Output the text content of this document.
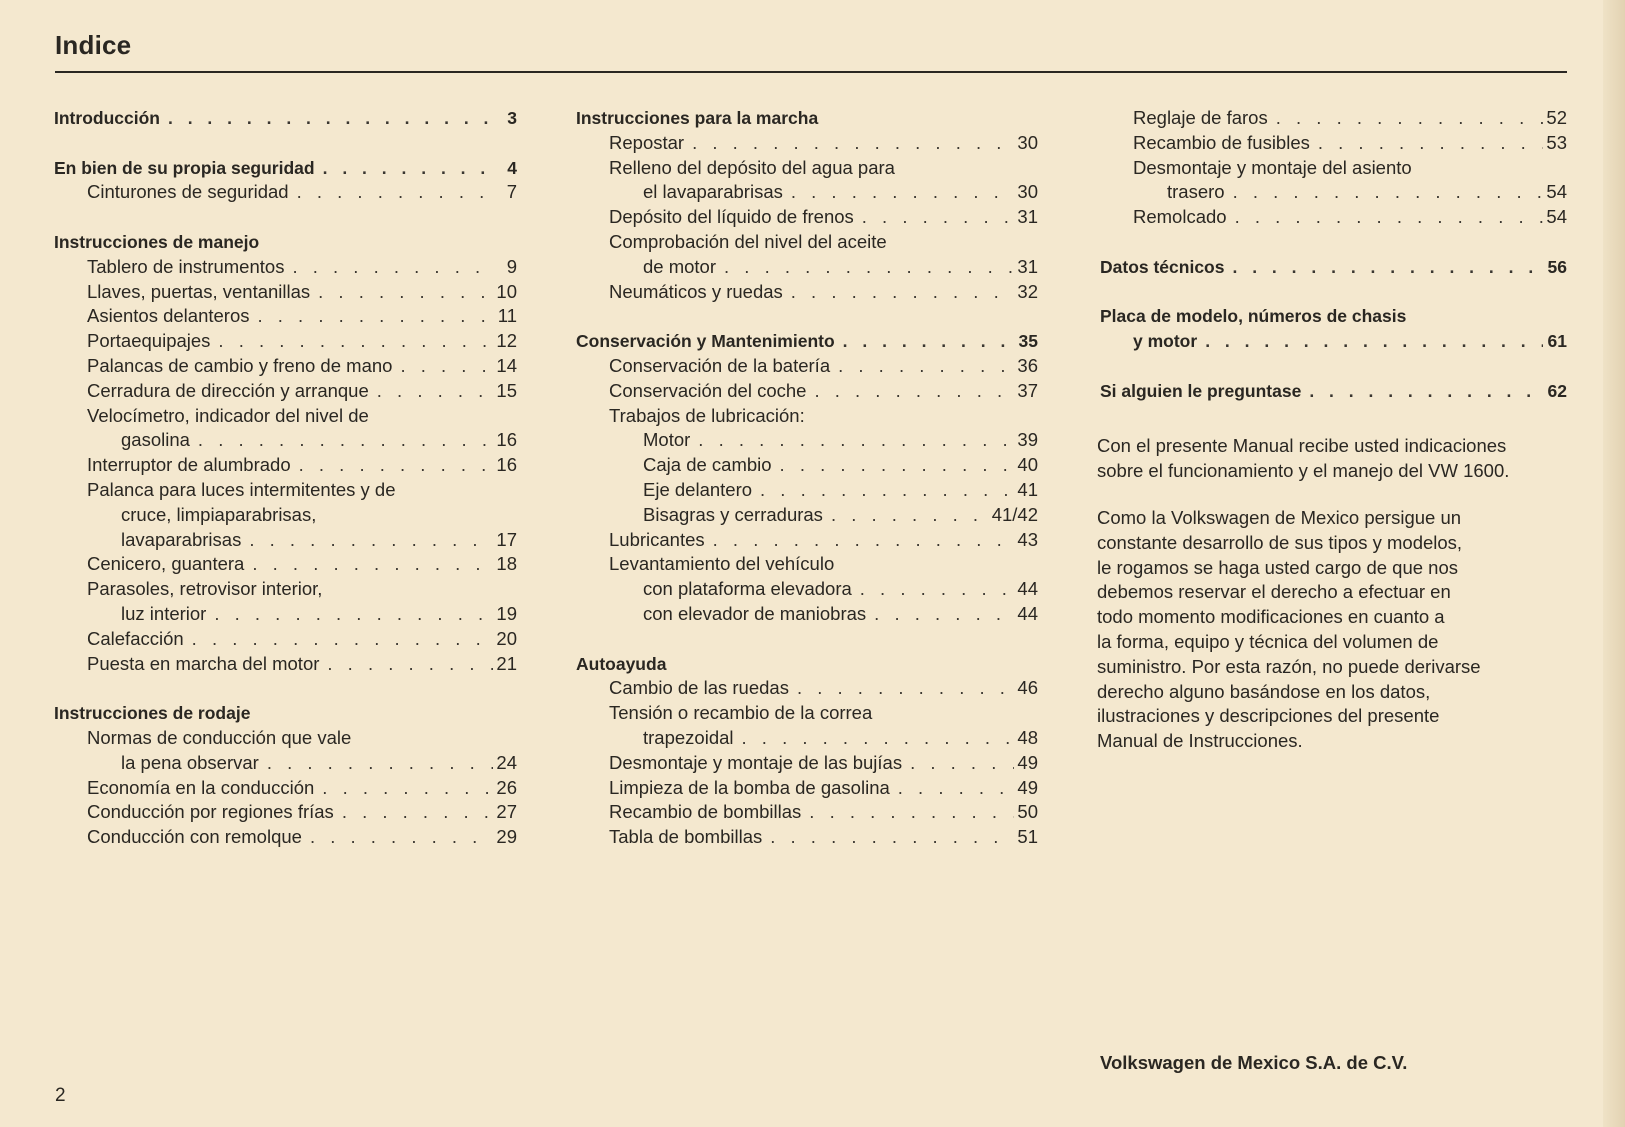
Indice
Introducción . . .	3
En bien de su propia seguridad . . .	4
Cinturones de seguridad . . .	7
Instrucciones de manejo
Tablero de instrumentos . . .	9
Llaves, puertas, ventanillas . . .	10
Asientos delanteros . . .	11
Portaequipajes . . .	12
Palancas de cambio y freno de mano . . .	14
Cerradura de dirección y arranque . . .	15
Velocímetro, indicador del nivel de
gasolina . . .	16
Interruptor de alumbrado . . .	16
Palanca para luces intermitentes y de
cruce, limpiaparabrisas,
lavaparabrisas . . .	17
Cenicero, guantera . . .	18
Parasoles, retrovisor interior,
luz interior . . .	19
Calefacción . . .	20
Puesta en marcha del motor . . .	21
Instrucciones de rodaje
Normas de conducción que vale
la pena observar . . .	24
Economía en la conducción . . .	26
Conducción por regiones frías . . .	27
Conducción con remolque . . .	29
Instrucciones para la marcha
Repostar . . .	30
Relleno del depósito del agua para
el lavaparabrisas . . .	30
Depósito del líquido de frenos . . .	31
Comprobación del nivel del aceite
de motor . . .	31
Neumáticos y ruedas . . .	32
Conservación y Mantenimiento . . .	35
Conservación de la batería . . .	36
Conservación del coche . . .	37
Trabajos de lubricación:
Motor . . .	39
Caja de cambio . . .	40
Eje delantero . . .	41
Bisagras y cerraduras . . .	41/42
Lubricantes . . .	43
Levantamiento del vehículo
con plataforma elevadora . . .	44
con elevador de maniobras . . .	44
Autoayuda
Cambio de las ruedas . . .	46
Tensión o recambio de la correa
trapezoidal . . .	48
Desmontaje y montaje de las bujías . . .	49
Limpieza de la bomba de gasolina . . .	49
Recambio de bombillas . . .	50
Tabla de bombillas . . .	51
Reglaje de faros . . .	52
Recambio de fusibles . . .	53
Desmontaje y montaje del asiento
trasero . . .	54
Remolcado . . .	54
Datos técnicos . . .	56
Placa de modelo, números de chasis
y motor . . .	61
Si alguien le preguntase . . .	62

Con el presente Manual recibe usted indicaciones

sobre el funcionamiento y el manejo del VW 1600.

Como la Volkswagen de Mexico persigue un

constante desarrollo de sus tipos y modelos,

le rogamos se haga usted cargo de que nos

debemos reservar el derecho a efectuar en

todo momento modificaciones en cuanto a

la forma, equipo y técnica del volumen de

suministro. Por esta razón, no puede derivarse

derecho alguno basándose en los datos,

ilustraciones y descripciones del presente

Manual de Instrucciones.

Volkswagen de Mexico S.A. de C.V.
2
